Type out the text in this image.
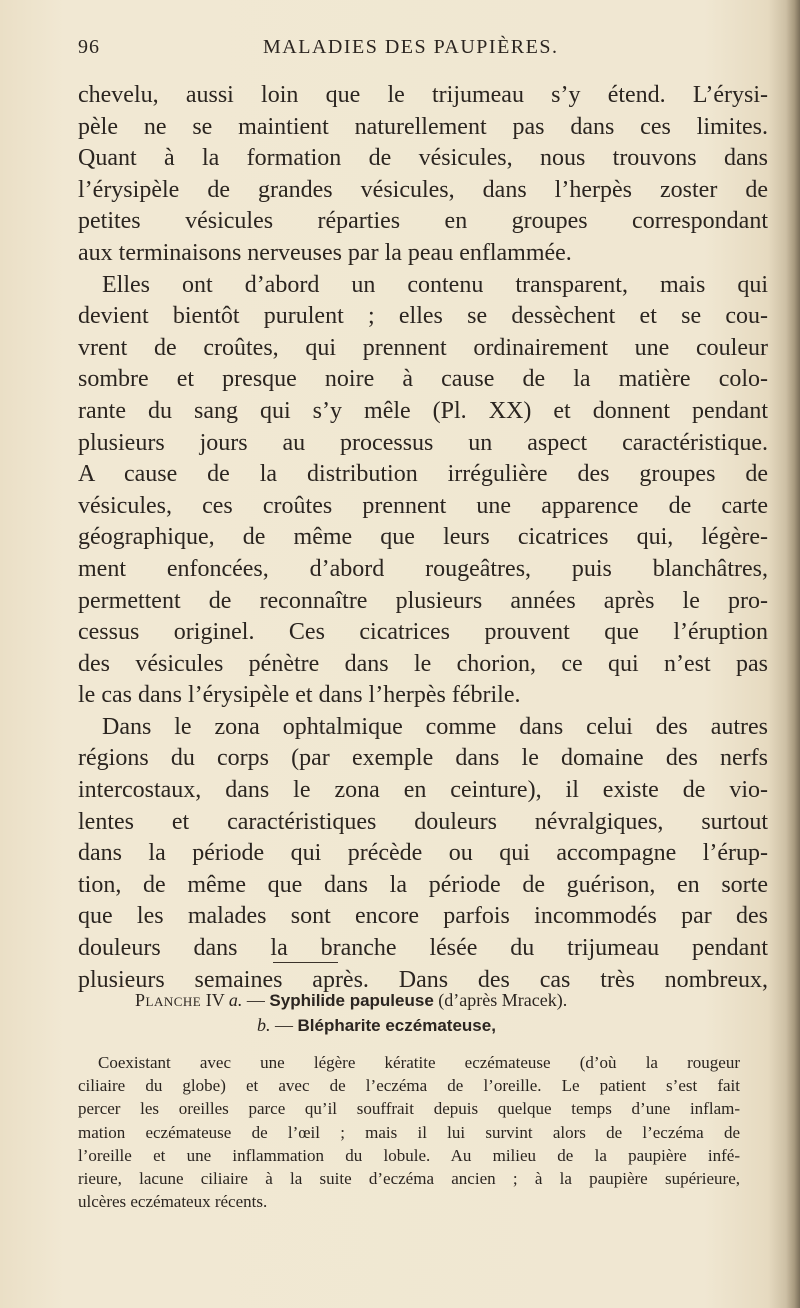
96	MALADIES DES PAUPIÈRES.
chevelu, aussi loin que le trijumeau s’y étend. L’érysi-
pèle ne se maintient naturellement pas dans ces limites.
Quant à la formation de vésicules, nous trouvons dans
l’érysipèle de grandes vésicules, dans l’herpès zoster de
petites vésicules réparties en groupes correspondant
aux terminaisons nerveuses par la peau enflammée.
Elles ont d’abord un contenu transparent, mais qui
devient bientôt purulent ; elles se dessèchent et se cou-
vrent de croûtes, qui prennent ordinairement une couleur
sombre et presque noire à cause de la matière colo-
rante du sang qui s’y mêle (Pl. XX) et donnent pendant
plusieurs jours au processus un aspect caractéristique.
A cause de la distribution irrégulière des groupes de
vésicules, ces croûtes prennent une apparence de carte
géographique, de même que leurs cicatrices qui, légère-
ment enfoncées, d’abord rougeâtres, puis blanchâtres,
permettent de reconnaître plusieurs années après le pro-
cessus originel. Ces cicatrices prouvent que l’éruption
des vésicules pénètre dans le chorion, ce qui n’est pas
le cas dans l’érysipèle et dans l’herpès fébrile.
Dans le zona ophtalmique comme dans celui des autres
régions du corps (par exemple dans le domaine des nerfs
intercostaux, dans le zona en ceinture), il existe de vio-
lentes et caractéristiques douleurs névralgiques, surtout
dans la période qui précède ou qui accompagne l’érup-
tion, de même que dans la période de guérison, en sorte
que les malades sont encore parfois incommodés par des
douleurs dans la branche lésée du trijumeau pendant
plusieurs semaines après. Dans des cas très nombreux,
Planche IV a. — Syphilide papuleuse (d’après Mracek).
b. — Blépharite eczémateuse,
Coexistant avec une légère kératite eczémateuse (d’où la rougeur
ciliaire du globe) et avec de l’eczéma de l’oreille. Le patient s’est fait
percer les oreilles parce qu’il souffrait depuis quelque temps d’une inflam-
mation eczémateuse de l’œil ; mais il lui survint alors de l’eczéma de
l’oreille et une inflammation du lobule. Au milieu de la paupière infé-
rieure, lacune ciliaire à la suite d’eczéma ancien ; à la paupière supérieure,
ulcères eczémateux récents.
